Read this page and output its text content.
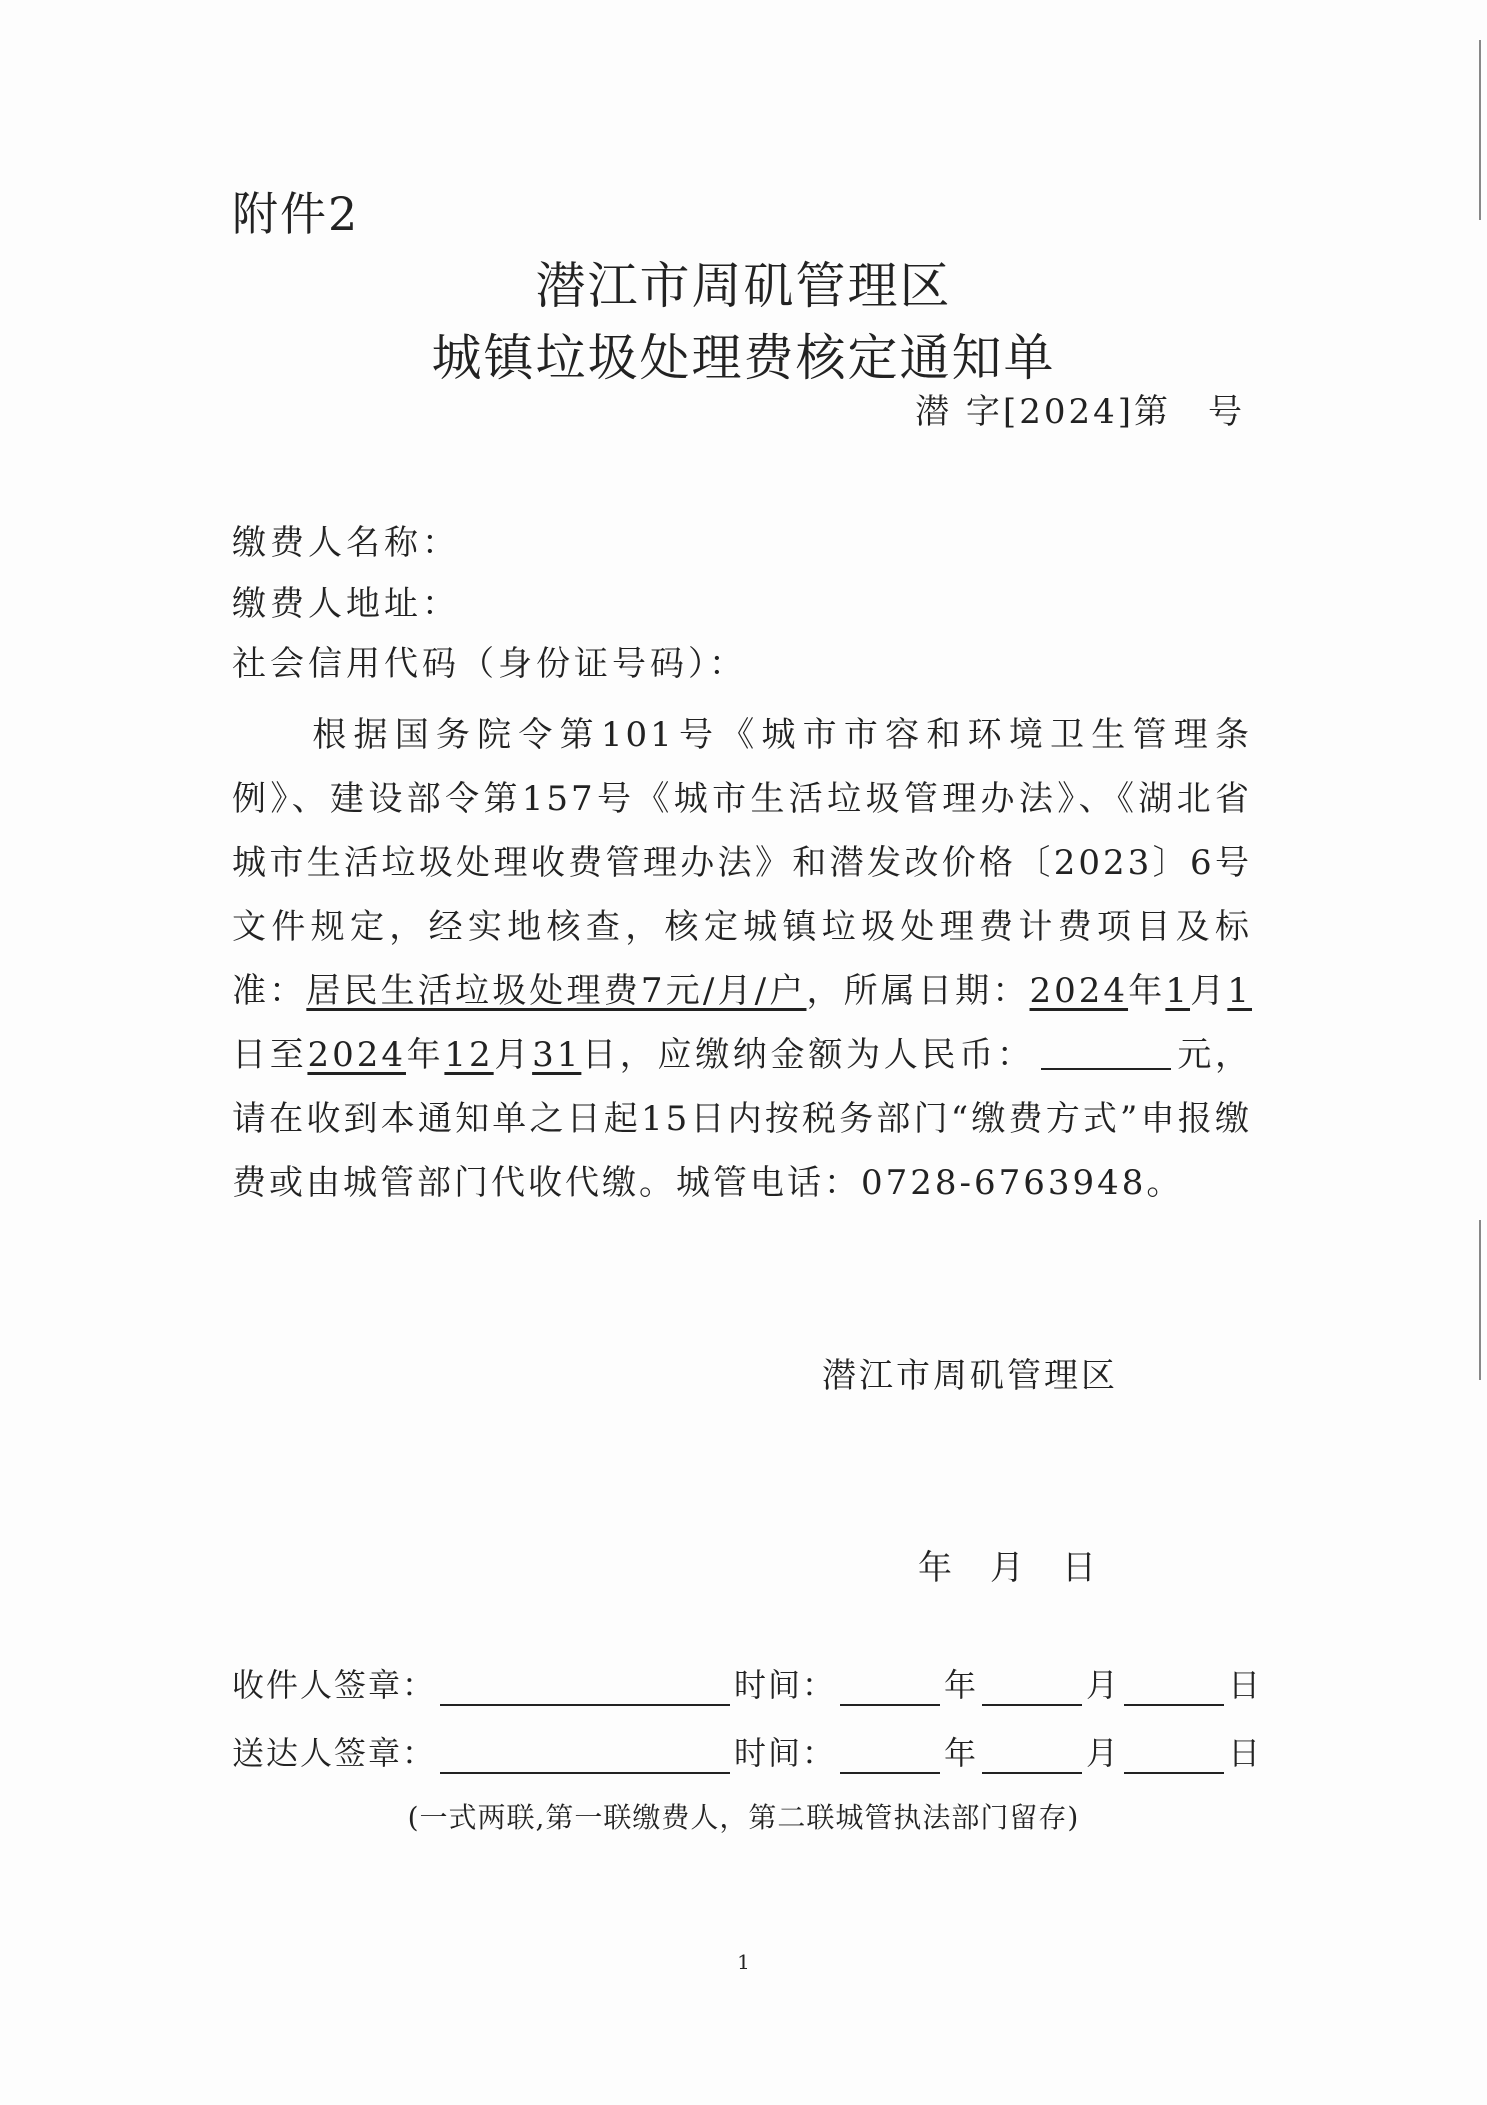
附件2
潜江市周矶管理区
城镇垃圾处理费核定通知单
潜 字[2024]第　号
缴费人名称：
缴费人地址：
社会信用代码（身份证号码）：
根据国务院令第101号《城市市容和环境卫生管理条例》、建设部令第157号《城市生活垃圾管理办法》、《湖北省城市生活垃圾处理收费管理办法》和潜发改价格〔2023〕6号文件规定，经实地核查，核定城镇垃圾处理费计费项目及标准：居民生活垃圾处理费7元/月/户，所属日期：2024年1月1日至2024年12月31日，应缴纳金额为人民币：	元，请在收到本通知单之日起15日内按税务部门“缴费方式”申报缴费或由城管部门代收代缴。城管电话：0728-6763948。
潜江市周矶管理区
年　月　日
收件人签章：	时间：	年	月	日
送达人签章：	时间：	年	月	日
(一式两联,第一联缴费人，第二联城管执法部门留存)
1
